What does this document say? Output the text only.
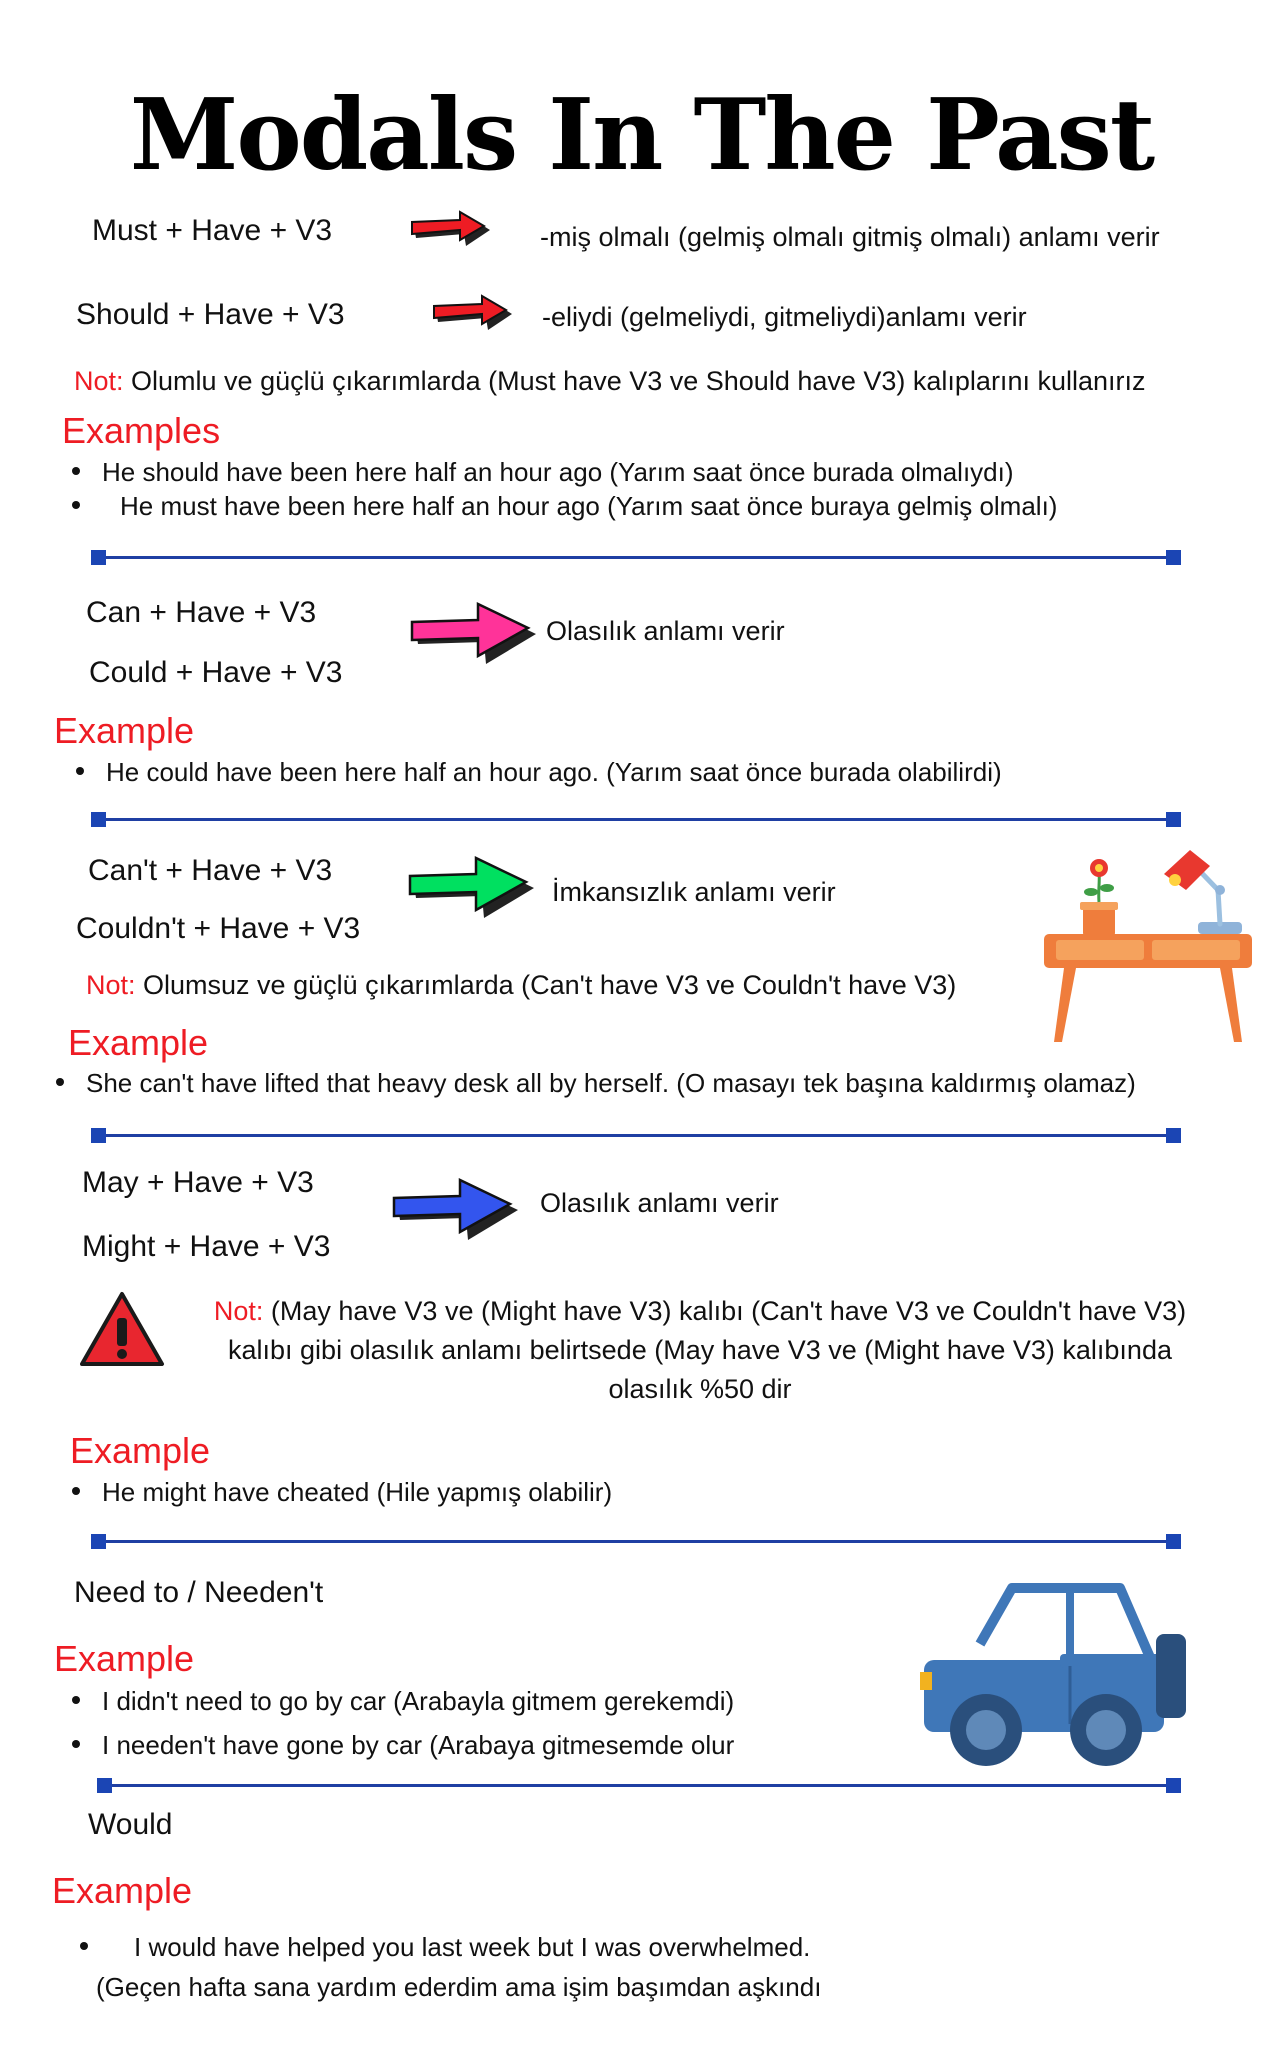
Modals In The Past
Must + Have + V3	-miş olmalı (gelmiş olmalı gitmiş olmalı) anlamı verir
Should + Have + V3	-eliydi (gelmeliydi, gitmeliydi)anlamı verir
Not: Olumlu ve güçlü çıkarımlarda (Must have V3 ve Should have V3) kalıplarını kullanırız
Examples
He should have been here half an hour ago (Yarım saat önce burada olmalıydı)
He must have been here half an hour ago (Yarım saat önce buraya gelmiş olmalı)
Can + Have + V3
Could + Have + V3
Olasılık anlamı verir
Example
He could have been here half an hour ago. (Yarım saat önce burada olabilirdi)
Can't + Have + V3
Couldn't + Have + V3
İmkansızlık anlamı verir
Not: Olumsuz ve güçlü çıkarımlarda (Can't have V3 ve Couldn't have V3)
Example
She can't have lifted that heavy desk all by herself. (O masayı tek başına kaldırmış olamaz)
May + Have + V3
Might + Have + V3
Olasılık anlamı verir
Not: (May have V3 ve (Might have V3) kalıbı (Can't have V3 ve Couldn't have V3)
kalıbı gibi olasılık anlamı belirtsede (May have V3 ve (Might have V3) kalıbında
olasılık %50 dir
Example
He might have cheated (Hile yapmış olabilir)
Need to / Needen't
Example
I didn't need to go by car (Arabayla gitmem gerekemdi)
I needen't have gone by car (Arabaya gitmesemde olur
Would
Example
I would have helped you last week but I was overwhelmed.
(Geçen hafta sana yardım ederdim ama işim başımdan aşkındı
